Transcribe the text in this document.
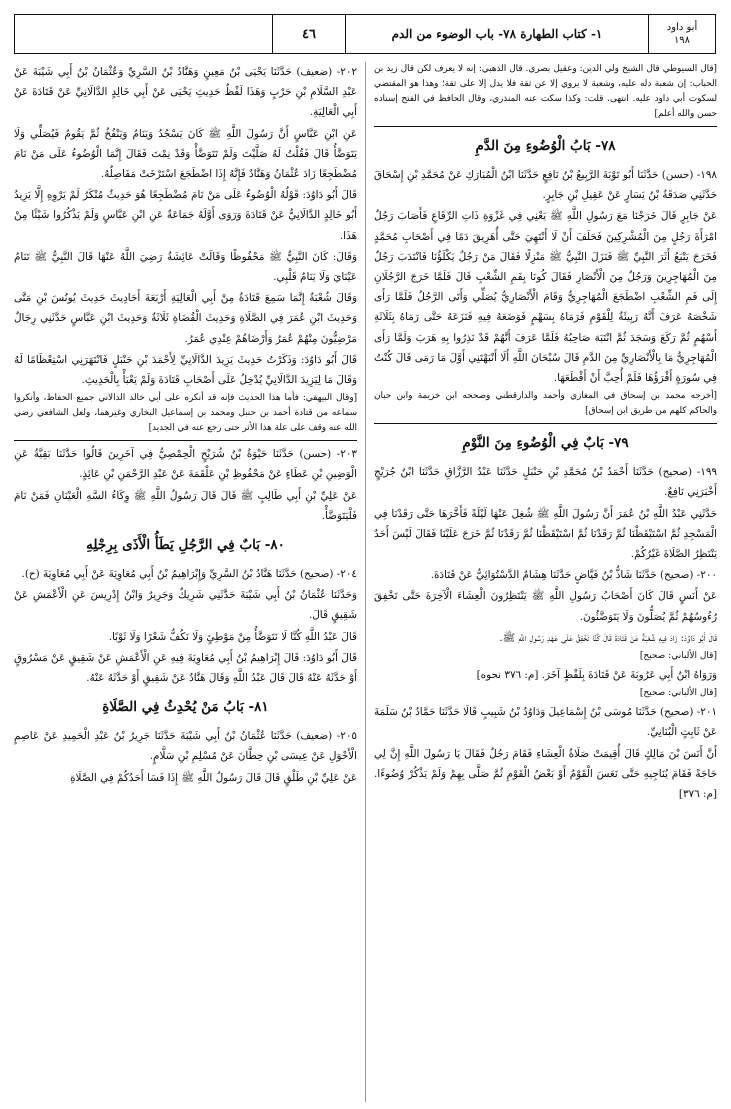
أبو داود
١٩٨
١- كتاب الطهارة ٧٨- باب الوضوء من الدم
٤٦

[قال السيوطي قال الشيخ ولي الدين: وعقيل بصري. قال الذهبي: إنه لا يعرف لكن قال زيد بن الحباب: إن شعبة دله عليه، وشعبة لا يروي إلا عن ثقة فلا يدل إلا على ثقة؛ وهذا هو المقتضي لسكوت أبي داود عليه. انتهى. قلت: وكذا سكت عنه المنذري، وقال الحافظ في الفتح إسناده حسن والله أعلم]

٧٨- بَابُ الْوُضُوءِ مِنَ الدَّمِ

١٩٨- (حسن) حَدَّثَنَا أَبُو تَوْبَةَ الرَّبِيعُ بْنُ نَافِعٍ حَدَّثَنَا ابْنُ الْمُبَارَكِ عَنْ مُحَمَّدِ بْنِ إِسْحَاقَ حَدَّثَنِي صَدَقَةُ بْنُ يَسَارٍ عَنْ عَقِيلِ بْنِ جَابِرٍ.

عَنْ جَابِرٍ قَالَ خَرَجْنَا مَعَ رَسُولِ اللَّهِ ﷺ يَعْنِي فِي غَزْوَةِ ذَاتِ الرِّقَاعِ فَأَصَابَ رَجُلٌ امْرَأَةَ رَجُلٍ مِنَ الْمُشْرِكِينَ فَحَلَفَ أَنْ لَا أَنْتَهِيَ حَتَّى أُهَرِيقَ دَمًا فِي أَصْحَابِ مُحَمَّدٍ فَخَرَجَ يَتْبَعُ أَثَرَ النَّبِيِّ ﷺ فَنَزَلَ النَّبِيُّ ﷺ مَنْزِلًا فَقَالَ مَنْ رَجُلٌ يَكْلَؤُنَا فَانْتَدَبَ رَجُلٌ مِنَ الْمُهَاجِرِينَ وَرَجُلٌ مِنَ الْأَنْصَارِ فَقَالَ كُونَا بِفَمِ الشِّعْبِ قَالَ فَلَمَّا خَرَجَ الرَّجُلَانِ إِلَى فَمِ الشِّعْبِ اضْطَجَعَ الْمُهَاجِرِيُّ وَقَامَ الْأَنْصَارِيُّ يُصَلِّي وَأَتَى الرَّجُلُ فَلَمَّا رَأَى شَخْصَهُ عَرَفَ أَنَّهُ رَبِيئَةٌ لِلْقَوْمِ فَرَمَاهُ بِسَهْمٍ فَوَضَعَهُ فِيهِ فَنَزَعَهُ حَتَّى رَمَاهُ بِثَلَاثَةِ أَسْهُمٍ ثُمَّ رَكَعَ وَسَجَدَ ثُمَّ انْتَبَهَ صَاحِبُهُ فَلَمَّا عَرَفَ أَنَّهُمْ قَدْ نَذِرُوا بِهِ هَرَبَ وَلَمَّا رَأَى الْمُهَاجِرِيُّ مَا بِالْأَنْصَارِيِّ مِنَ الدَّمِ قَالَ سُبْحَانَ اللَّهِ أَلَا أَنْبَهْتَنِي أَوَّلَ مَا رَمَى قَالَ كُنْتُ فِي سُورَةٍ أَقْرَؤُهَا فَلَمْ أُحِبَّ أَنْ أَقْطَعَهَا.

[أخرجه محمد بن إسحاق في المغازي وأحمد والدارقطني وصححه ابن خزيمة وابن حبان والحاكم كلهم من طريق ابن إسحاق]

٧٩- بَابٌ فِي الْوُضُوءِ مِنَ النَّوْمِ

١٩٩- (صحيح) حَدَّثَنَا أَحْمَدُ بْنُ مُحَمَّدِ بْنِ حَنْبَلٍ حَدَّثَنَا عَبْدُ الرَّزَّاقِ حَدَّثَنَا ابْنُ جُرَيْجٍ أَخْبَرَنِي نَافِعٌ.

حَدَّثَنِي عَبْدُ اللَّهِ بْنُ عُمَرَ أَنَّ رَسُولَ اللَّهِ ﷺ شُغِلَ عَنْهَا لَيْلَةً فَأَخَّرَهَا حَتَّى رَقَدْنَا فِي الْمَسْجِدِ ثُمَّ اسْتَيْقَظْنَا ثُمَّ رَقَدْنَا ثُمَّ اسْتَيْقَظْنَا ثُمَّ رَقَدْنَا ثُمَّ خَرَجَ عَلَيْنَا فَقَالَ لَيْسَ أَحَدٌ يَنْتَظِرُ الصَّلَاةَ غَيْرُكُمْ.

٢٠٠- (صحيح) حَدَّثَنَا شَاذُّ بْنُ فَيَّاضٍ حَدَّثَنَا هِشَامٌ الدَّسْتُوَائِيُّ عَنْ قَتَادَةَ.

عَنْ أَنَسٍ قَالَ كَانَ أَصْحَابُ رَسُولِ اللَّهِ ﷺ يَنْتَظِرُونَ الْعِشَاءَ الْآخِرَةَ حَتَّى تَخْفِقَ رُءُوسُهُمْ ثُمَّ يُصَلُّونَ وَلَا يَتَوَضَّئُونَ.

قَالَ أَبُو دَاوُدَ: زَادَ فِيهِ شُعْبَةُ عَنْ قَتَادَةَ قَالَ كُنَّا نَخْفِقُ عَلَى عَهْدِ رَسُولِ اللَّهِ ﷺ.

[قال الألباني: صحيح]

وَرَوَاهُ ابْنُ أَبِي عَرُوبَةَ عَنْ قَتَادَةَ بِلَفْظٍ آخَرَ. [م: ٣٧٦ نحوه]

[قال الألباني: صحيح]

٢٠١- (صحيح) حَدَّثَنَا مُوسَى بْنُ إِسْمَاعِيلَ وَدَاوُدُ بْنُ شَبِيبٍ قَالَا حَدَّثَنَا حَمَّادُ بْنُ سَلَمَةَ عَنْ ثَابِتٍ الْبُنَانِيِّ.

أَنَّ أَنَسَ بْنَ مَالِكٍ قَالَ أُقِيمَتْ صَلَاةُ الْعِشَاءِ فَقَامَ رَجُلٌ فَقَالَ يَا رَسُولَ اللَّهِ إِنَّ لِي حَاجَةً فَقَامَ يُنَاجِيهِ حَتَّى نَعَسَ الْقَوْمُ أَوْ بَعْضُ الْقَوْمِ ثُمَّ صَلَّى بِهِمْ وَلَمْ يَذْكُرْ وُضُوءًا. [م: ٣٧٦]

٢٠٢- (ضعيف) حَدَّثَنَا يَحْيَى بْنُ مَعِينٍ وَهَنَّادُ بْنُ السَّرِيِّ وَعُثْمَانُ بْنُ أَبِي شَيْبَةَ عَنْ عَبْدِ السَّلَامِ بْنِ حَرْبٍ وَهَذَا لَفْظُ حَدِيثِ يَحْيَى عَنْ أَبِي خَالِدٍ الدَّالَانِيِّ عَنْ قَتَادَةَ عَنْ أَبِي الْعَالِيَةِ.

عَنِ ابْنِ عَبَّاسٍ أَنَّ رَسُولَ اللَّهِ ﷺ كَانَ يَسْجُدُ وَيَنَامُ وَيَنْفُخُ ثُمَّ يَقُومُ فَيُصَلِّي وَلَا يَتَوَضَّأُ قَالَ فَقُلْتُ لَهُ صَلَّيْتَ وَلَمْ تَتَوَضَّأْ وَقَدْ نِمْتَ فَقَالَ إِنَّمَا الْوُضُوءُ عَلَى مَنْ نَامَ مُضْطَجِعًا زَادَ عُثْمَانُ وَهَنَّادٌ فَإِنَّهُ إِذَا اضْطَجَعَ اسْتَرْخَتْ مَفَاصِلُهُ.

قَالَ أَبُو دَاوُدَ: قَوْلُهُ الْوُضُوءُ عَلَى مَنْ نَامَ مُضْطَجِعًا هُوَ حَدِيثٌ مُنْكَرٌ لَمْ يَرْوِهِ إِلَّا يَزِيدُ أَبُو خَالِدٍ الدَّالَانِيُّ عَنْ قَتَادَةَ وَرَوَى أَوَّلَهُ جَمَاعَةٌ عَنِ ابْنِ عَبَّاسٍ وَلَمْ يَذْكُرُوا شَيْئًا مِنْ هَذَا.

وَقَالَ: كَانَ النَّبِيُّ ﷺ مَحْفُوظًا وَقَالَتْ عَائِشَةُ رَضِيَ اللَّهُ عَنْهَا قَالَ النَّبِيُّ ﷺ تَنَامُ عَيْنَايَ وَلَا يَنَامُ قَلْبِي.

وَقَالَ شُعْبَةُ إِنَّمَا سَمِعَ قَتَادَةُ مِنْ أَبِي الْعَالِيَةِ أَرْبَعَةَ أَحَادِيثَ حَدِيثَ يُونُسَ بْنِ مَتَّى وَحَدِيثَ ابْنِ عُمَرَ فِي الصَّلَاةِ وَحَدِيثَ الْقُضَاةِ ثَلَاثَةٌ وَحَدِيثَ ابْنِ عَبَّاسٍ حَدَّثَنِي رِجَالٌ مَرْضِيُّونَ مِنْهُمْ عُمَرُ وَأَرْضَاهُمْ عِنْدِي عُمَرُ.

قَالَ أَبُو دَاوُدَ: وَذَكَرْتُ حَدِيثَ يَزِيدَ الدَّالَانِيِّ لِأَحْمَدَ بْنِ حَنْبَلٍ فَانْتَهَرَنِي اسْتِعْظَامًا لَهُ وَقَالَ مَا لِيَزِيدَ الدَّالَانِيِّ يُدْخِلُ عَلَى أَصْحَابِ قَتَادَةَ وَلَمْ يَعْبَأْ بِالْحَدِيثِ.

[وقال البيهقي: فأما هذا الحديث فإنه قد أنكره على أبي خالد الدالاني جميع الحفاظ، وأنكروا سماعه من قتادة أحمد بن حنبل ومحمد بن إسماعيل البخاري وغيرهما، ولعل الشافعي رضي الله عنه وقف على علة هذا الأثر حتى رجع عنه في الجديد]

٢٠٣- (حسن) حَدَّثَنَا حَيْوَةُ بْنُ شُرَيْحٍ الْحِمْصِيُّ فِي آخَرِينَ قَالُوا حَدَّثَنَا بَقِيَّةُ عَنِ الْوَضِينِ بْنِ عَطَاءٍ عَنْ مَحْفُوظِ بْنِ عَلْقَمَةَ عَنْ عَبْدِ الرَّحْمَنِ بْنِ عَائِذٍ.

عَنْ عَلِيِّ بْنِ أَبِي طَالِبٍ ﷺ قَالَ قَالَ رَسُولُ اللَّهِ ﷺ وِكَاءُ السَّهِ الْعَيْنَانِ فَمَنْ نَامَ فَلْيَتَوَضَّأْ.

٨٠- بَابٌ فِي الرَّجُلِ يَطَأُ الْأَذَى بِرِجْلِهِ

٢٠٤- (صحيح) حَدَّثَنَا هَنَّادُ بْنُ السَّرِيِّ وَإِبْرَاهِيمُ بْنُ أَبِي مُعَاوِيَةَ عَنْ أَبِي مُعَاوِيَةَ (ح).

وَحَدَّثَنَا عُثْمَانُ بْنُ أَبِي شَيْبَةَ حَدَّثَنِي شَرِيكٌ وَجَرِيرٌ وَابْنُ إِدْرِيسَ عَنِ الْأَعْمَشِ عَنْ شَقِيقٍ قَالَ.

قَالَ عَبْدُ اللَّهِ كُنَّا لَا نَتَوَضَّأُ مِنْ مَوْطِئٍ وَلَا نَكُفُّ شَعْرًا وَلَا ثَوْبًا.

قَالَ أَبُو دَاوُدَ: قَالَ إِبْرَاهِيمُ بْنُ أَبِي مُعَاوِيَةَ فِيهِ عَنِ الْأَعْمَشِ عَنْ شَقِيقٍ عَنْ مَسْرُوقٍ أَوْ حَدَّثَهُ عَنْهُ قَالَ قَالَ عَبْدُ اللَّهِ وَقَالَ هَنَّادٌ عَنْ شَقِيقٍ أَوْ حَدَّثَهُ عَنْهُ.

٨١- بَابُ مَنْ يُحْدِثُ فِي الصَّلَاةِ

٢٠٥- (ضعيف) حَدَّثَنَا عُثْمَانُ بْنُ أَبِي شَيْبَةَ حَدَّثَنَا جَرِيرُ بْنُ عَبْدِ الْحَمِيدِ عَنْ عَاصِمٍ الْأَحْوَلِ عَنْ عِيسَى بْنِ حِطَّانَ عَنْ مُسْلِمِ بْنِ سَلَّامٍ.

عَنْ عَلِيِّ بْنِ طَلْقٍ قَالَ قَالَ رَسُولُ اللَّهِ ﷺ إِذَا فَسَا أَحَدُكُمْ فِي الصَّلَاةِ
